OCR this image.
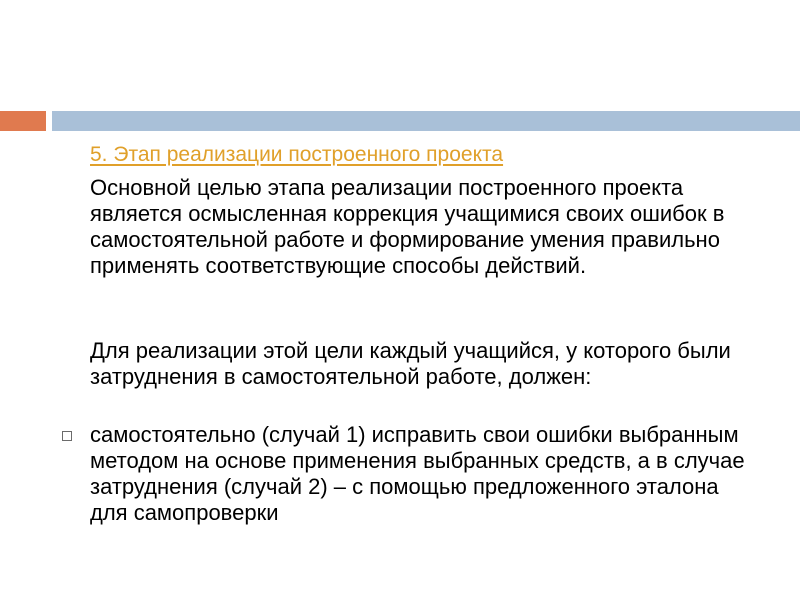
5. Этап реализации построенного проекта

Основной целью этапа реализации построенного проекта является осмысленная коррекция учащимися своих ошибок в самостоятельной работе и формирование умения правильно применять соответствующие способы действий.

Для реализации этой цели каждый учащийся, у которого были затруднения в самостоятельной работе, должен:

самостоятельно (случай 1) исправить свои ошибки выбранным методом на основе применения выбранных средств, а в случае затруднения (случай 2) – с помощью предложенного эталона для самопроверки
